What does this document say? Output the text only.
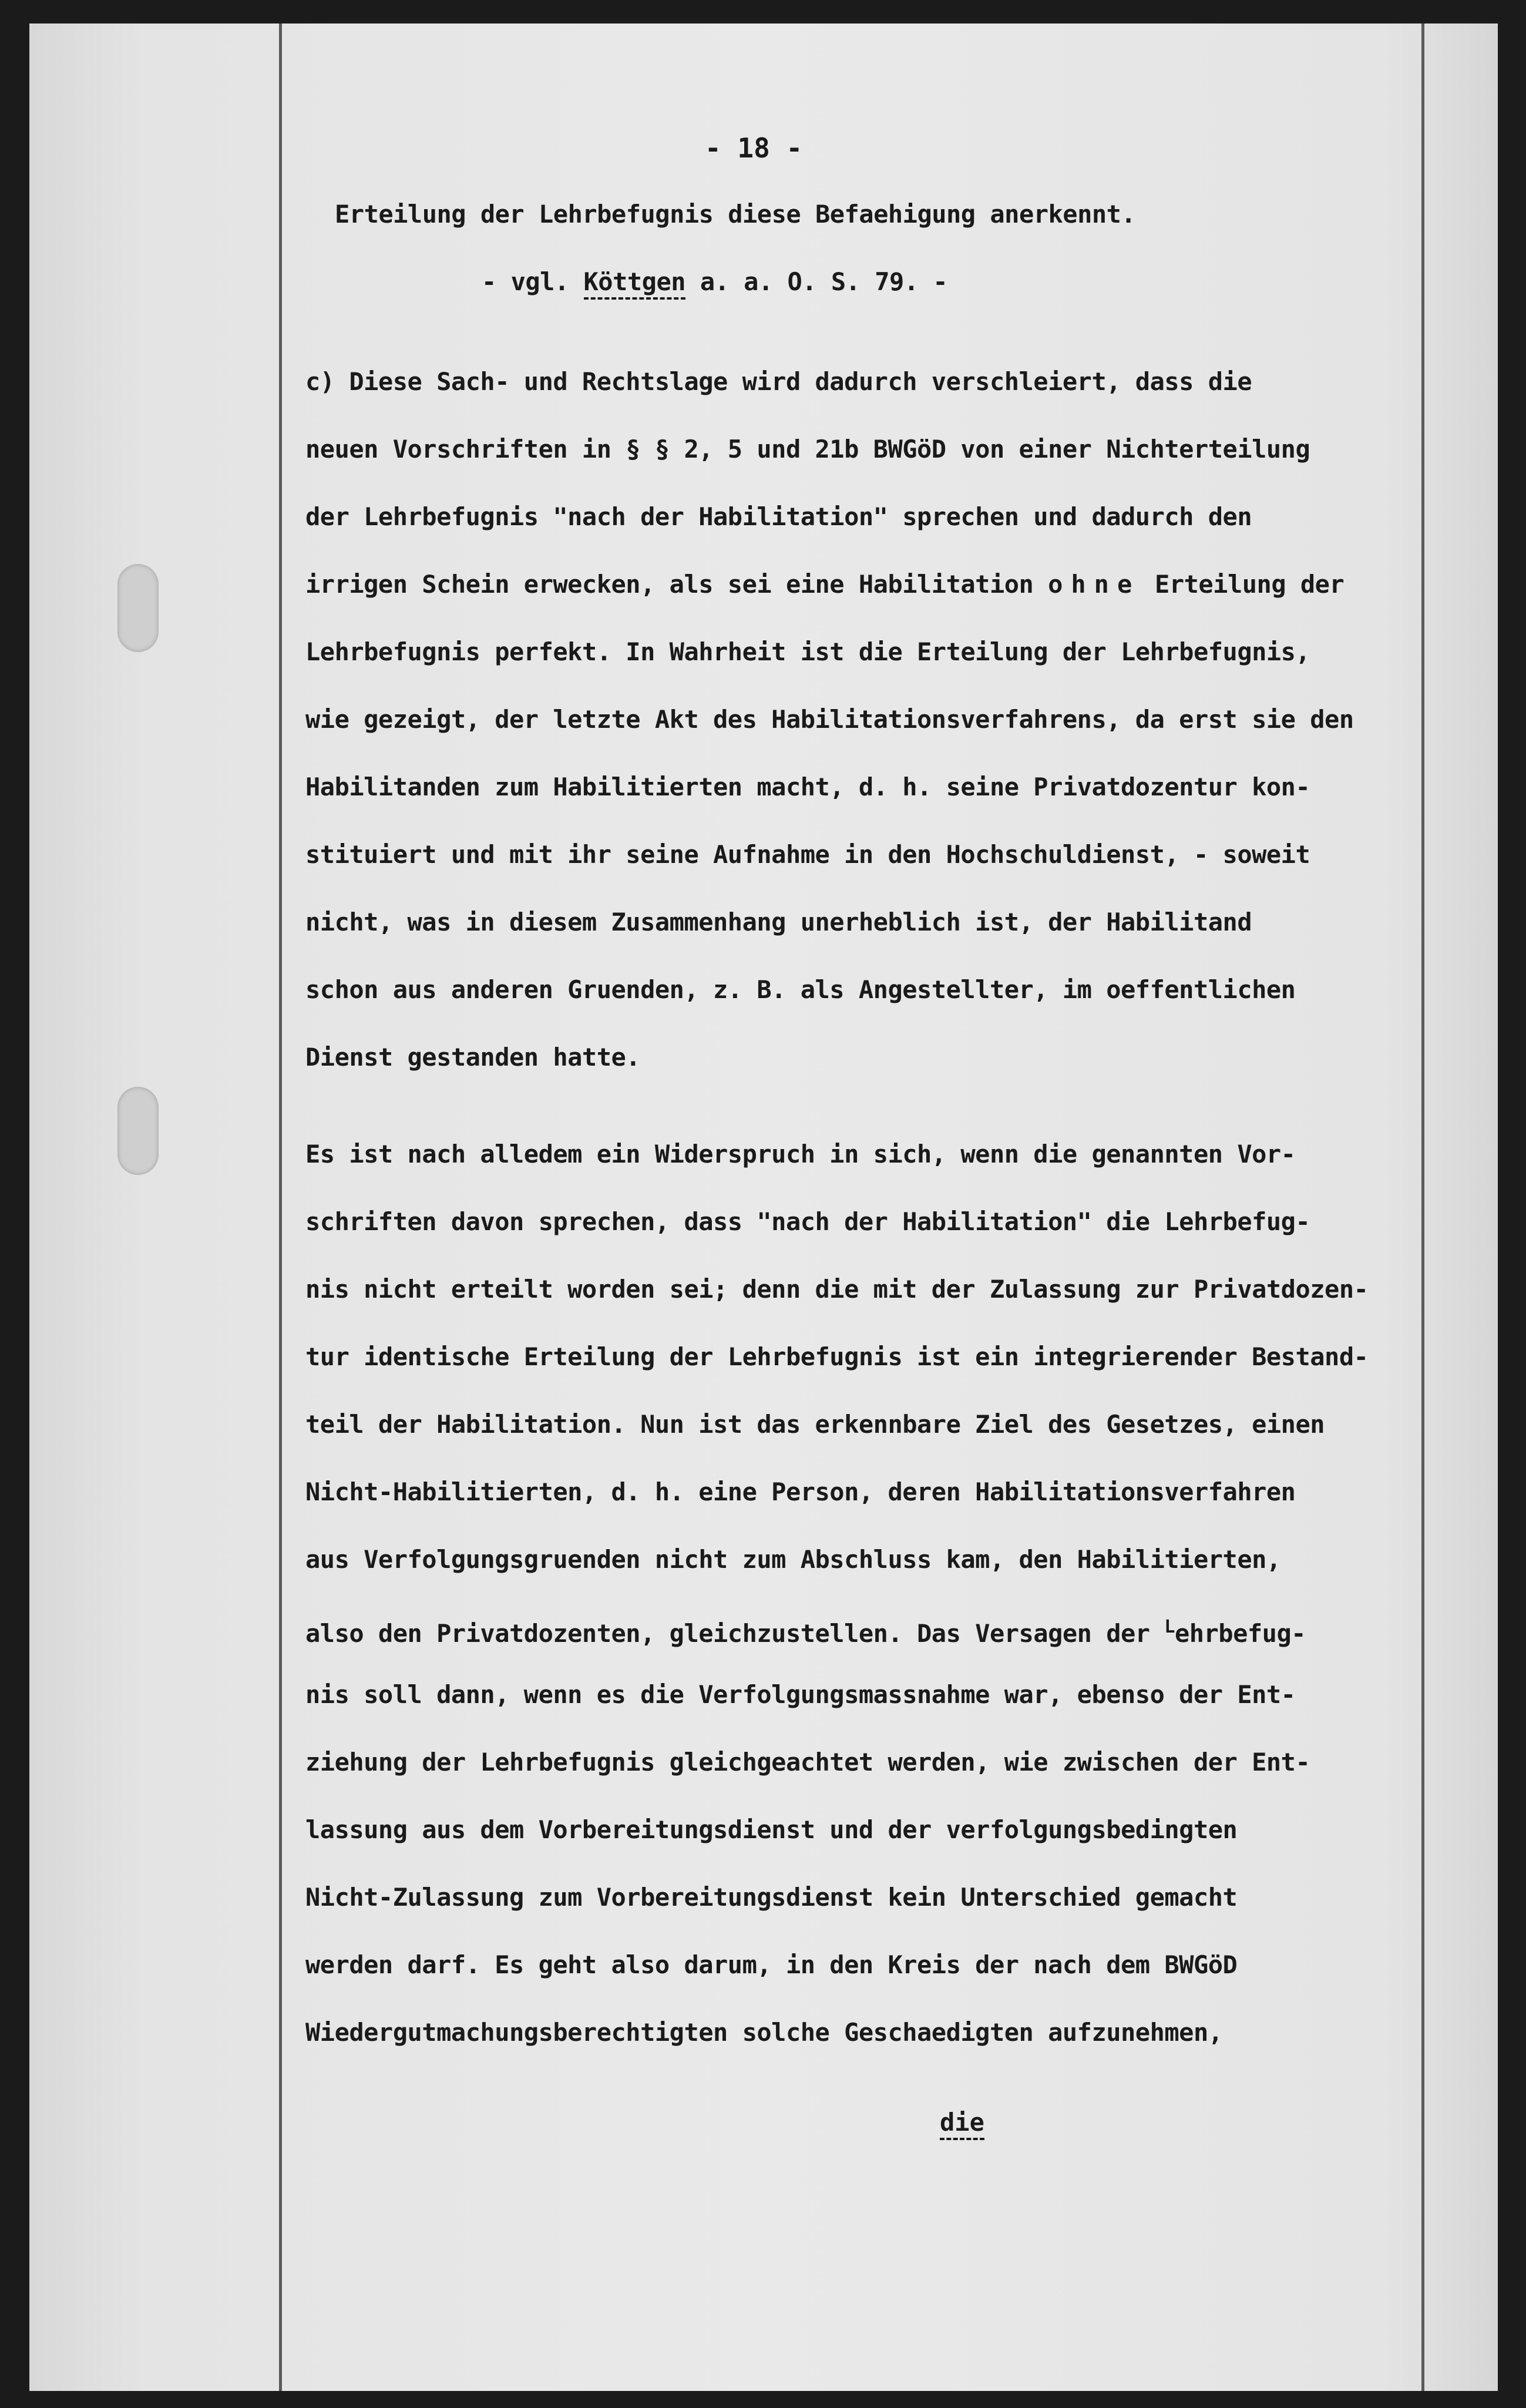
- 18 -
Erteilung der Lehrbefugnis diese Befaehigung anerkennt.
- vgl. Köttgen a. a. O. S. 79. -
c) Diese Sach- und Rechtslage wird dadurch verschleiert, dass die
neuen Vorschriften in § § 2, 5 und 21b BWGöD von einer Nichterteilung
der Lehrbefugnis "nach der Habilitation" sprechen und dadurch den
irrigen Schein erwecken, als sei eine Habilitation ohne Erteilung der
Lehrbefugnis perfekt. In Wahrheit ist die Erteilung der Lehrbefugnis,
wie gezeigt, der letzte Akt des Habilitationsverfahrens, da erst sie den
Habilitanden zum Habilitierten macht, d. h. seine Privatdozentur kon-
stituiert und mit ihr seine Aufnahme in den Hochschuldienst, - soweit
nicht, was in diesem Zusammenhang unerheblich ist, der Habilitand
schon aus anderen Gruenden, z. B. als Angestellter, im oeffentlichen
Dienst gestanden hatte.
Es ist nach alledem ein Widerspruch in sich, wenn die genannten Vor-
schriften davon sprechen, dass "nach der Habilitation" die Lehrbefug-
nis nicht erteilt worden sei; denn die mit der Zulassung zur Privatdozen-
tur identische Erteilung der Lehrbefugnis ist ein integrierender Bestand-
teil der Habilitation. Nun ist das erkennbare Ziel des Gesetzes, einen
Nicht-Habilitierten, d. h. eine Person, deren Habilitationsverfahren
aus Verfolgungsgruenden nicht zum Abschluss kam, den Habilitierten,
also den Privatdozenten, gleichzustellen. Das Versagen der $^L$ehrbefug-
nis soll dann, wenn es die Verfolgungsmassnahme war, ebenso der Ent-
ziehung der Lehrbefugnis gleichgeachtet werden, wie zwischen der Ent-
lassung aus dem Vorbereitungsdienst und der verfolgungsbedingten
Nicht-Zulassung zum Vorbereitungsdienst kein Unterschied gemacht
werden darf. Es geht also darum, in den Kreis der nach dem BWGöD
Wiedergutmachungsberechtigten solche Geschaedigten aufzunehmen,
die
